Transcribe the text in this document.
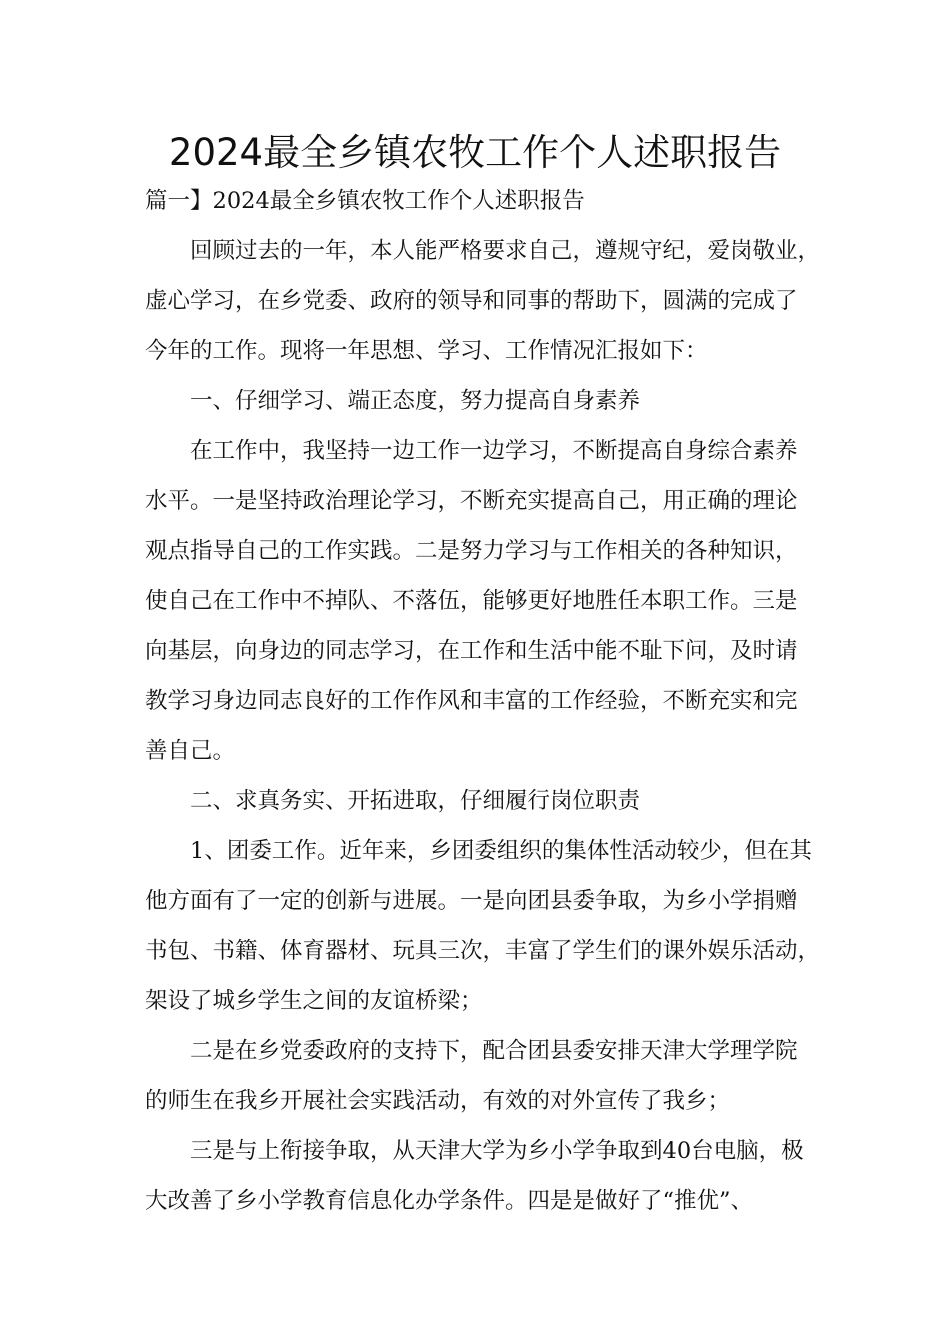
2024最全乡镇农牧工作个人述职报告
篇一】2024最全乡镇农牧工作个人述职报告
回顾过去的一年，本人能严格要求自己，遵规守纪，爱岗敬业，
虚心学习，在乡党委、政府的领导和同事的帮助下，圆满的完成了
今年的工作。现将一年思想、学习、工作情况汇报如下：
一、仔细学习、端正态度，努力提高自身素养
在工作中，我坚持一边工作一边学习，不断提高自身综合素养
水平。一是坚持政治理论学习，不断充实提高自己，用正确的理论
观点指导自己的工作实践。二是努力学习与工作相关的各种知识，
使自己在工作中不掉队、不落伍，能够更好地胜任本职工作。三是
向基层，向身边的同志学习，在工作和生活中能不耻下问，及时请
教学习身边同志良好的工作作风和丰富的工作经验，不断充实和完
善自己。
二、求真务实、开拓进取，仔细履行岗位职责
1、团委工作。近年来，乡团委组织的集体性活动较少，但在其
他方面有了一定的创新与进展。一是向团县委争取，为乡小学捐赠
书包、书籍、体育器材、玩具三次，丰富了学生们的课外娱乐活动，
架设了城乡学生之间的友谊桥梁；
二是在乡党委政府的支持下，配合团县委安排天津大学理学院
的师生在我乡开展社会实践活动，有效的对外宣传了我乡；
三是与上衔接争取，从天津大学为乡小学争取到40台电脑，极
大改善了乡小学教育信息化办学条件。四是是做好了“推优”、
